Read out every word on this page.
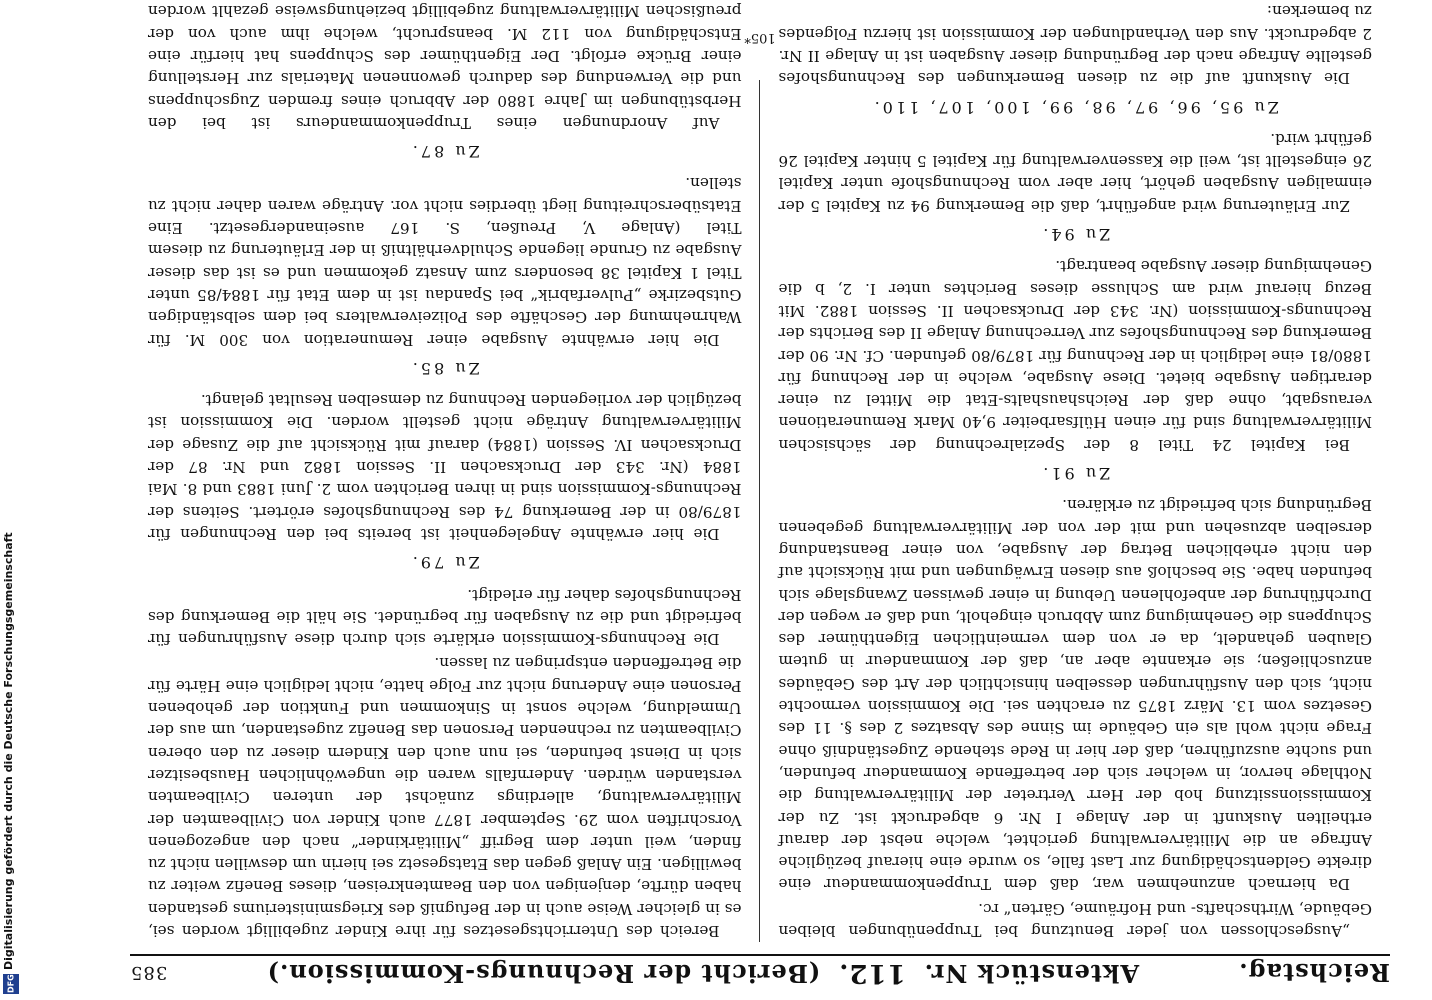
Reichstag.
Aktenstück Nr.
112.
(Bericht der Rechnungs-Kommission.)
385

„Ausgeschlossen von jeder Benutzung bei Truppenübungen bleiben Gebäude, Wirthschafts- und Hofräume, Gärten“ rc.

Da hiernach anzunehmen war, daß dem Truppenkommandeur eine direkte Geldentschädigung zur Last falle, so wurde eine hierauf bezügliche Anfrage an die Militärverwaltung gerichtet, welche nebst der darauf ertheilten Auskunft in der Anlage I Nr. 6 abgedruckt ist. Zu der Kommissionssitzung hob der Herr Vertreter der Militärverwaltung die Nothlage hervor, in welcher sich der betreffende Kommandeur befunden, und suchte auszuführen, daß der hier in Rede stehende Zugeständniß ohne Frage nicht wohl als ein Gebäude im Sinne des Absatzes 2 des §. 11 des Gesetzes vom 13. März 1875 zu erachten sei. Die Kommission vermochte nicht, sich den Ausführungen desselben hinsichtlich der Art des Gebäudes anzuschließen; sie erkannte aber an, daß der Kommandeur in gutem Glauben gehandelt, da er von dem vermeintlichen Eigenthümer des Schuppens die Genehmigung zum Abbruch eingeholt, und daß er wegen der Durchführung der anbefohlenen Uebung in einer gewissen Zwangslage sich befunden habe. Sie beschloß aus diesen Erwägungen und mit Rücksicht auf den nicht erheblichen Betrag der Ausgabe, von einer Beanstandung derselben abzusehen und mit der von der Militärverwaltung gegebenen Begründung sich befriedigt zu erklären.

Zu 91.

Bei Kapitel 24 Titel 8 der Spezialrechnung der sächsischen Militärverwaltung sind für einen Hülfsarbeiter 9,40 Mark Remunerationen verausgabt, ohne daß der Reichshaushalts-Etat die Mittel zu einer derartigen Ausgabe bietet. Diese Ausgabe, welche in der Rechnung für 1880/81 eine lediglich in der Rechnung für 1879/80 gefunden. Cf. Nr. 90 der Bemerkung des Rechnungshofes zur Verrechnung Anlage II des Berichts der Rechnungs-Kommission (Nr. 343 der Drucksachen II. Session 1882. Mit Bezug hierauf wird am Schlusse dieses Berichtes unter I. 2, b die Genehmigung dieser Ausgabe beantragt.

Zu 94.

Zur Erläuterung wird angeführt, daß die Bemerkung 94 zu Kapitel 5 der einmaligen Ausgaben gehört, hier aber vom Rechnungshofe unter Kapitel 26 eingestellt ist, weil die Kassenverwaltung für Kapitel 5 hinter Kapitel 26 geführt wird.

Zu 95, 96, 97, 98, 99, 100, 107, 110.

Die Auskunft auf die zu diesen Bemerkungen des Rechnungshofes gestellte Anfrage nach der Begründung dieser Ausgaben ist in Anlage II Nr. 2 abgedruckt. Aus den Verhandlungen der Kommission ist hierzu Folgendes zu bemerken:

Bereich des Unterrichtsgesetzes für ihre Kinder zugebilligt worden sei, es in gleicher Weise auch in der Befugniß des Kriegsministeriums gestanden haben dürfte, denjenigen von den Beamtenkreisen, dieses Benefiz weiter zu bewilligen. Ein Anlaß gegen das Etatsgesetz sei hierin um deswillen nicht zu finden, weil unter dem Begriff „Militärkinder“ nach den angezogenen Vorschriften vom 29. September 1877 auch Kinder von Civilbeamten der Militärverwaltung, allerdings zunächst der unteren Civilbeamten verstanden würden. Andernfalls waren die ungewöhnlichen Hausbesitzer sich in Dienst befunden, sei nun auch den Kindern dieser zu den oberen Civilbeamten zu rechnenden Personen das Benefiz zugestanden, um aus der Ummeldung, welche sonst in Sinkommen und Funktion der gehobenen Personen eine Anderung nicht zur Folge hatte, nicht lediglich eine Härte für die Betreffenden entspringen zu lassen.

Die Rechnungs-Kommission erklärte sich durch diese Ausführungen für befriedigt und die zu Ausgaben für begründet. Sie hält die Bemerkung des Rechnungshofes daher für erledigt.

Zu 79.

Die hier erwähnte Angelegenheit ist bereits bei den Rechnungen für 1879/80 in der Bemerkung 74 des Rechnungshofes erörtert. Seitens der Rechnungs-Kommission sind in ihren Berichten vom 2. Juni 1883 und 8. Mai 1884 (Nr. 343 der Drucksachen II. Session 1882 und Nr. 87 der Drucksachen IV. Session (1884) darauf mit Rücksicht auf die Zusage der Militärverwaltung Anträge nicht gestellt worden. Die Kommission ist bezüglich der vorliegenden Rechnung zu demselben Resultat gelangt.

Zu 85.

Die hier erwähnte Ausgabe einer Remuneration von 300 M. für Wahrnehmung der Geschäfte des Polizeiverwalters bei dem selbständigen Gutsbezirke „Pulverfabrik“ bei Spandau ist in dem Etat für 1884/85 unter Titel 1 Kapitel 38 besonders zum Ansatz gekommen und es ist das dieser Ausgabe zu Grunde liegende Schuldverhältniß in der Erläuterung zu diesem Titel (Anlage V, Preußen, S. 167 auseinandergesetzt. Eine Etatsüberschreitung liegt überdies nicht vor. Anträge waren daher nicht zu stellen.

Zu 87.

Auf Anordnungen eines Truppenkommandeurs ist bei den Herbstübungen im Jahre 1880 der Abbruch eines fremden Zugschuppens und die Verwendung des dadurch gewonnenen Materials zur Herstellung einer Brücke erfolgt. Der Eigenthümer des Schuppens hat hierfür eine Entschädigung von 112 M. beansprucht, welche ihm auch von der preußischen Militärverwaltung zugebilligt beziehungsweise gezahlt worden

105*
Digitalisierung gefördert durch die Deutsche Forschungsgemeinschaft
DFG
